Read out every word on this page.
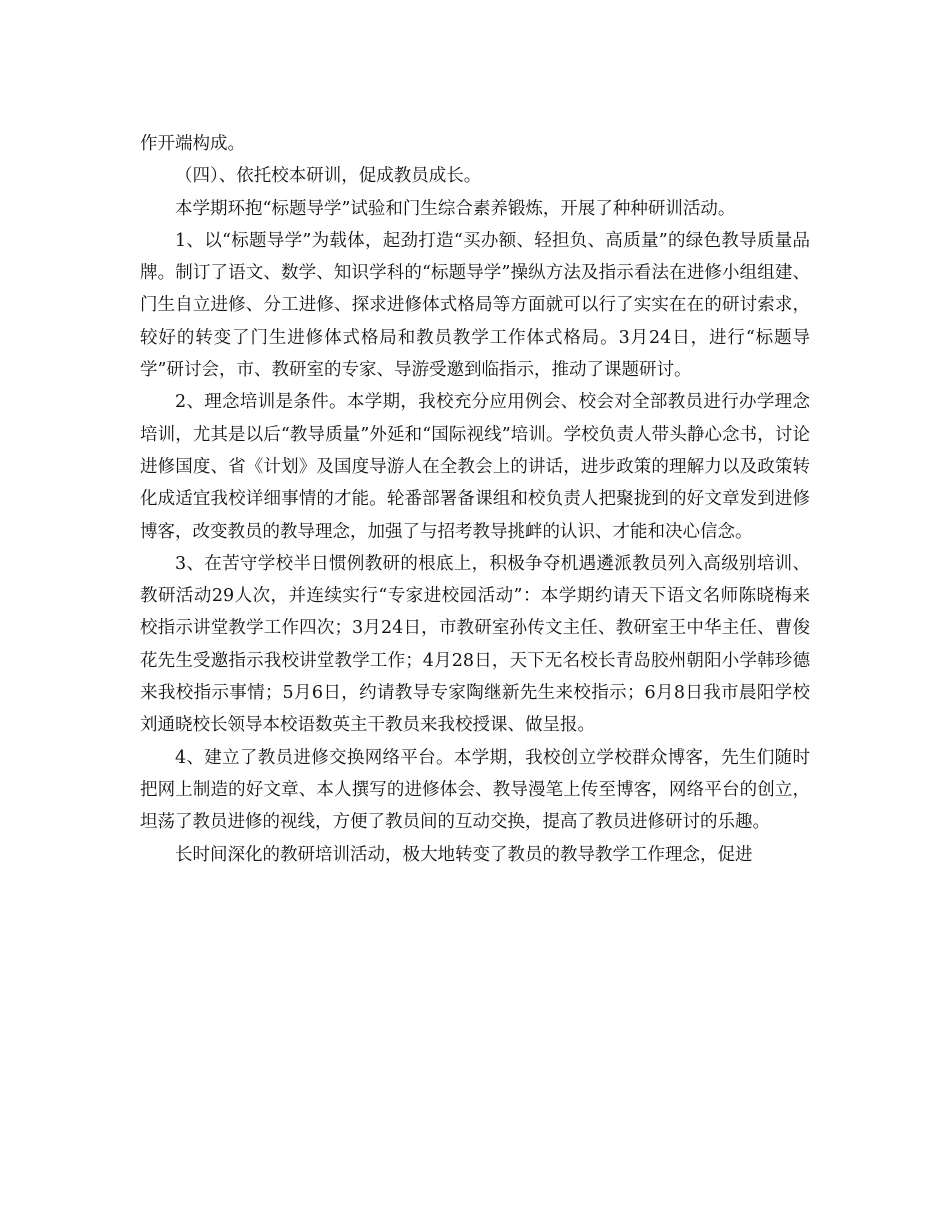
作开端构成。

（四）、依托校本研训，促成教员成长。

本学期环抱“标题导学”试验和门生综合素养锻炼，开展了种种研训活动。

1、以“标题导学”为载体，起劲打造“买办额、轻担负、高质量”的绿色教导质量品牌。制订了语文、数学、知识学科的“标题导学”操纵方法及指示看法在进修小组组建、门生自立进修、分工进修、探求进修体式格局等方面就可以行了实实在在的研讨索求，较好的转变了门生进修体式格局和教员教学工作体式格局。3月24日，进行“标题导学”研讨会，市、教研室的专家、导游受邀到临指示，推动了课题研讨。

2、理念培训是条件。本学期，我校充分应用例会、校会对全部教员进行办学理念培训，尤其是以后“教导质量”外延和“国际视线”培训。学校负责人带头静心念书，讨论进修国度、省《计划》及国度导游人在全教会上的讲话，进步政策的理解力以及政策转化成适宜我校详细事情的才能。轮番部署备课组和校负责人把聚拢到的好文章发到进修博客，改变教员的教导理念，加强了与招考教导挑衅的认识、才能和决心信念。

3、在苦守学校半日惯例教研的根底上，积极争夺机遇遴派教员列入高级别培训、教研活动29人次，并连续实行“专家进校园活动”：本学期约请天下语文名师陈晓梅来校指示讲堂教学工作四次；3月24日，市教研室孙传文主任、教研室王中华主任、曹俊花先生受邀指示我校讲堂教学工作；4月28日，天下无名校长青岛胶州朝阳小学韩珍德来我校指示事情；5月6日，约请教导专家陶继新先生来校指示；6月8日我市晨阳学校刘通晓校长领导本校语数英主干教员来我校授课、做呈报。

4、建立了教员进修交换网络平台。本学期，我校创立学校群众博客，先生们随时把网上制造的好文章、本人撰写的进修体会、教导漫笔上传至博客，网络平台的创立，坦荡了教员进修的视线，方便了教员间的互动交换，提高了教员进修研讨的乐趣。

长时间深化的教研培训活动，极大地转变了教员的教导教学工作理念，促进
